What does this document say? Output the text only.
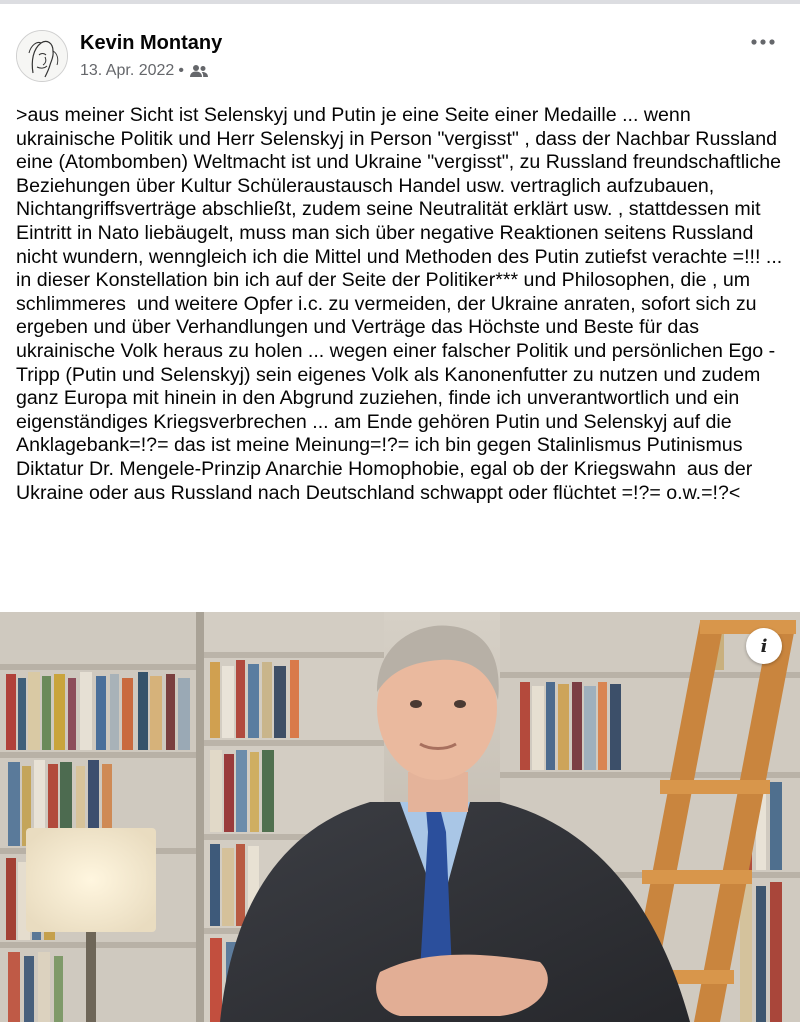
Kevin Montany
13. Apr. 2022 •

>aus meiner Sicht ist Selenskyj und Putin je eine Seite einer Medaille ... wenn ukrainische Politik und Herr Selenskyj in Person "vergisst" , dass der Nachbar Russland eine (Atombomben) Weltmacht ist und Ukraine "vergisst", zu Russland freundschaftliche Beziehungen über Kultur Schüleraustausch Handel usw. vertraglich aufzubauen, Nichtangriffsverträge abschließt, zudem seine Neutralität erklärt usw. , stattdessen mit Eintritt in Nato liebäugelt, muss man sich über negative Reaktionen seitens Russland nicht wundern, wenngleich ich die Mittel und Methoden des Putin zutiefst verachte =!!! ... in dieser Konstellation bin ich auf der Seite der Politiker*** und Philosophen, die , um schlimmeres  und weitere Opfer i.c. zu vermeiden, der Ukraine anraten, sofort sich zu ergeben und über Verhandlungen und Verträge das Höchste und Beste für das ukrainische Volk heraus zu holen ... wegen einer falscher Politik und persönlichen Ego -Tripp (Putin und Selenskyj) sein eigenes Volk als Kanonenfutter zu nutzen und zudem ganz Europa mit hinein in den Abgrund zuziehen, finde ich unverantwortlich und ein eigenständiges Kriegsverbrechen ... am Ende gehören Putin und Selenskyj auf die Anklagebank=!?= das ist meine Meinung=!?= ich bin gegen Stalinlismus Putinismus Diktatur Dr. Mengele-Prinzip Anarchie Homophobie, egal ob der Kriegswahn  aus der Ukraine oder aus Russland nach Deutschland schwappt oder flüchtet =!?= o.w.=!?<

i
